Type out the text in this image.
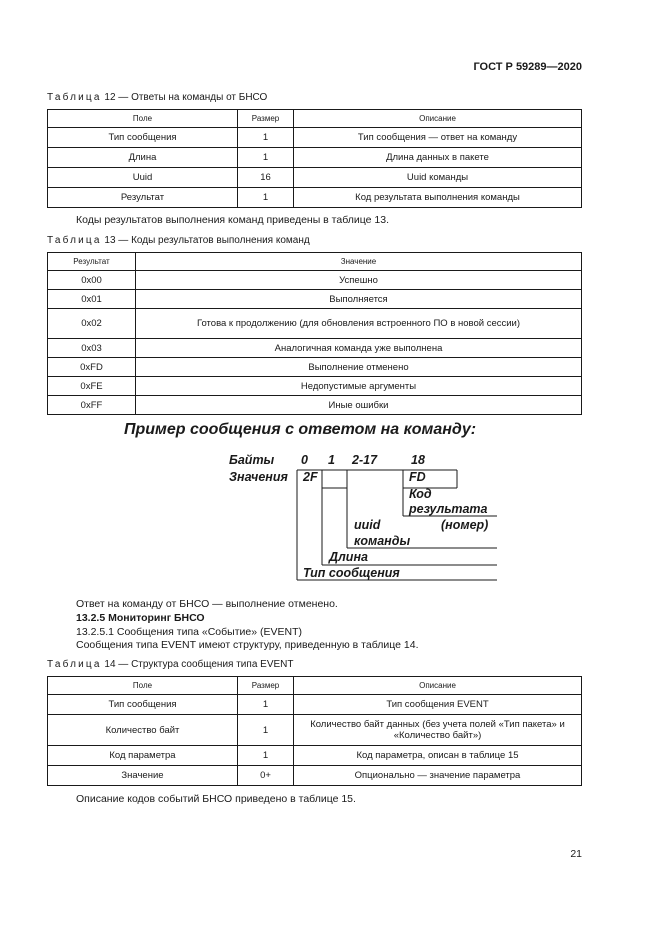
ГОСТ Р 59289—2020
Таблица 12 — Ответы на команды от БНСО
Поле	Размер	Описание
Тип сообщения	1	Тип сообщения — ответ на команду
Длина	1	Длина данных в пакете
Uuid	16	Uuid команды
Результат	1	Код результата выполнения команды
Коды результатов выполнения команд приведены в таблице 13.
Таблица 13 — Коды результатов выполнения команд
Результат	Значение
0x00	Успешно
0x01	Выполняется
0x02	Готова к продолжению (для обновления встроенного ПО в новой сессии)
0x03	Аналогичная команда уже выполнена
0xFD	Выполнение отменено
0xFE	Недопустимые аргументы
0xFF	Иные ошибки
Пример сообщения с ответом на команду:
Байты 0 1 2-17	18
Значения 2F	FD
Код
результата
uuid	(номер)
команды
Длина
Тип сообщения
Ответ на команду от БНСО — выполнение отменено.
13.2.5 Мониторинг БНСО
13.2.5.1 Сообщения типа «Событие» (EVENT)
Сообщения типа EVENT имеют структуру, приведенную в таблице 14.
Таблица 14 — Структура сообщения типа EVENT
Поле	Размер	Описание
Тип сообщения	1	Тип сообщения EVENT
Количество байт	1	Количество байт данных (без учета полей «Тип пакета» и
«Количество байт»)
Код параметра	1	Код параметра, описан в таблице 15
Значение	0+	Опционально — значение параметра
Описание кодов событий БНСО приведено в таблице 15.
21
